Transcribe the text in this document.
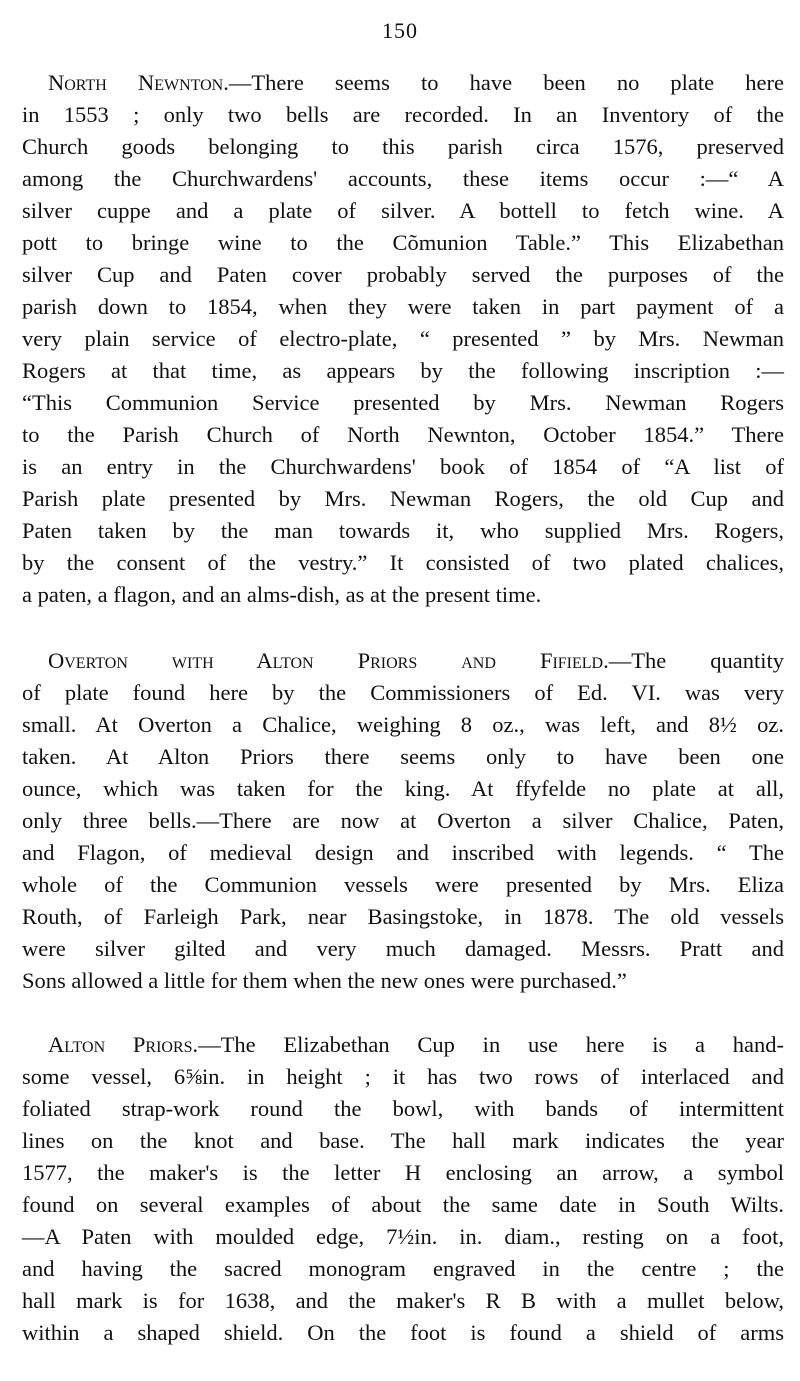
150
North Newnton.—There seems to have been no plate here
in 1553 ; only two bells are recorded. In an Inventory of the
Church goods belonging to this parish circa 1576, preserved
among the Churchwardens' accounts, these items occur :—“ A
silver cuppe and a plate of silver. A bottell to fetch wine. A
pott to bringe wine to the Cõmunion Table.” This Elizabethan
silver Cup and Paten cover probably served the purposes of the
parish down to 1854, when they were taken in part payment of a
very plain service of electro-plate, “ presented ” by Mrs. Newman
Rogers at that time, as appears by the following inscription :—
“This Communion Service presented by Mrs. Newman Rogers
to the Parish Church of North Newnton, October 1854.” There
is an entry in the Churchwardens' book of 1854 of “A list of
Parish plate presented by Mrs. Newman Rogers, the old Cup and
Paten taken by the man towards it, who supplied Mrs. Rogers,
by the consent of the vestry.” It consisted of two plated chalices,
a paten, a flagon, and an alms-dish, as at the present time.
Overton with Alton Priors and Fifield.—The quantity
of plate found here by the Commissioners of Ed. VI. was very
small. At Overton a Chalice, weighing 8 oz., was left, and 8½ oz.
taken. At Alton Priors there seems only to have been one
ounce, which was taken for the king. At ffyfelde no plate at all,
only three bells.—There are now at Overton a silver Chalice, Paten,
and Flagon, of medieval design and inscribed with legends. “ The
whole of the Communion vessels were presented by Mrs. Eliza
Routh, of Farleigh Park, near Basingstoke, in 1878. The old vessels
were silver gilted and very much damaged. Messrs. Pratt and
Sons allowed a little for them when the new ones were purchased.”
Alton Priors.—The Elizabethan Cup in use here is a hand-
some vessel, 6⅝in. in height ; it has two rows of interlaced and
foliated strap-work round the bowl, with bands of intermittent
lines on the knot and base. The hall mark indicates the year
1577, the maker's is the letter H enclosing an arrow, a symbol
found on several examples of about the same date in South Wilts.
—A Paten with moulded edge, 7½in. in. diam., resting on a foot,
and having the sacred monogram engraved in the centre ; the
hall mark is for 1638, and the maker's R B with a mullet below,
within a shaped shield. On the foot is found a shield of arms
